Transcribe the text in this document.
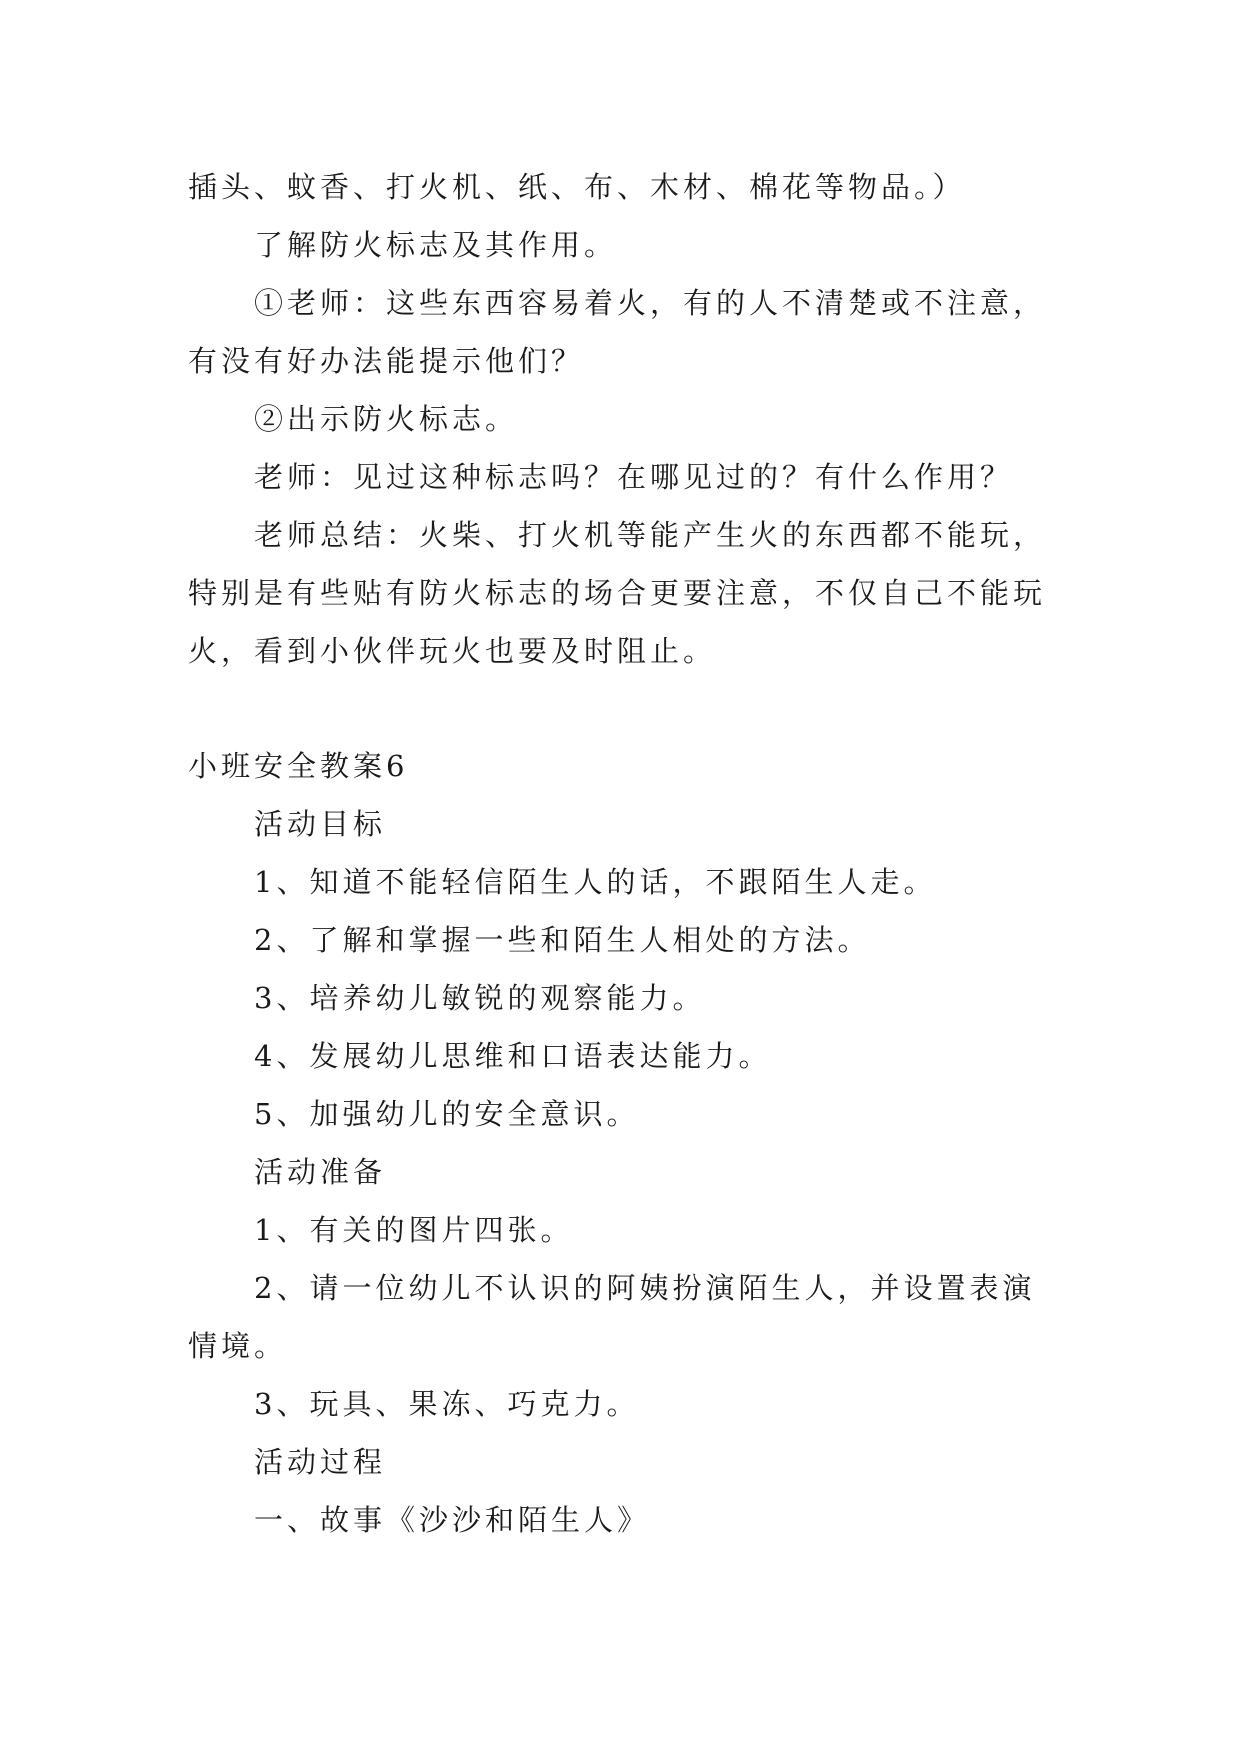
插头、蚊香、打火机、纸、布、木材、棉花等物品。）
了解防火标志及其作用。
①老师：这些东西容易着火，有的人不清楚或不注意，
有没有好办法能提示他们？
②出示防火标志。
老师：见过这种标志吗？在哪见过的？有什么作用？
老师总结：火柴、打火机等能产生火的东西都不能玩，
特别是有些贴有防火标志的场合更要注意，不仅自己不能玩
火，看到小伙伴玩火也要及时阻止。
小班安全教案6
活动目标
1、知道不能轻信陌生人的话，不跟陌生人走。
2、了解和掌握一些和陌生人相处的方法。
3、培养幼儿敏锐的观察能力。
4、发展幼儿思维和口语表达能力。
5、加强幼儿的安全意识。
活动准备
1、有关的图片四张。
2、请一位幼儿不认识的阿姨扮演陌生人，并设置表演
情境。
3、玩具、果冻、巧克力。
活动过程
一、故事《沙沙和陌生人》
